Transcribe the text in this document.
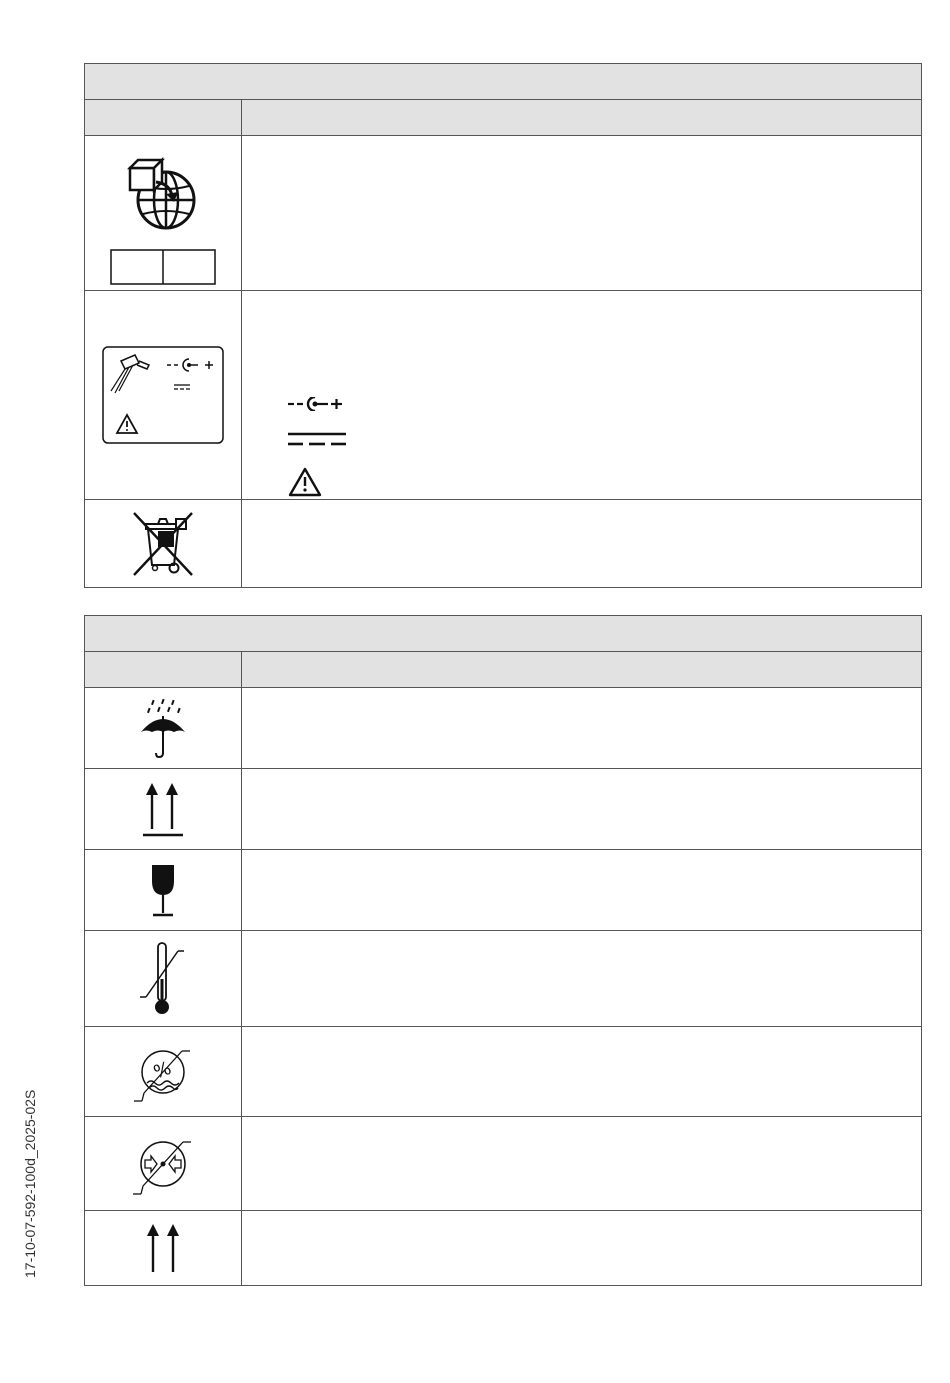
%	

17-10-07-592-100d_2025-02S
